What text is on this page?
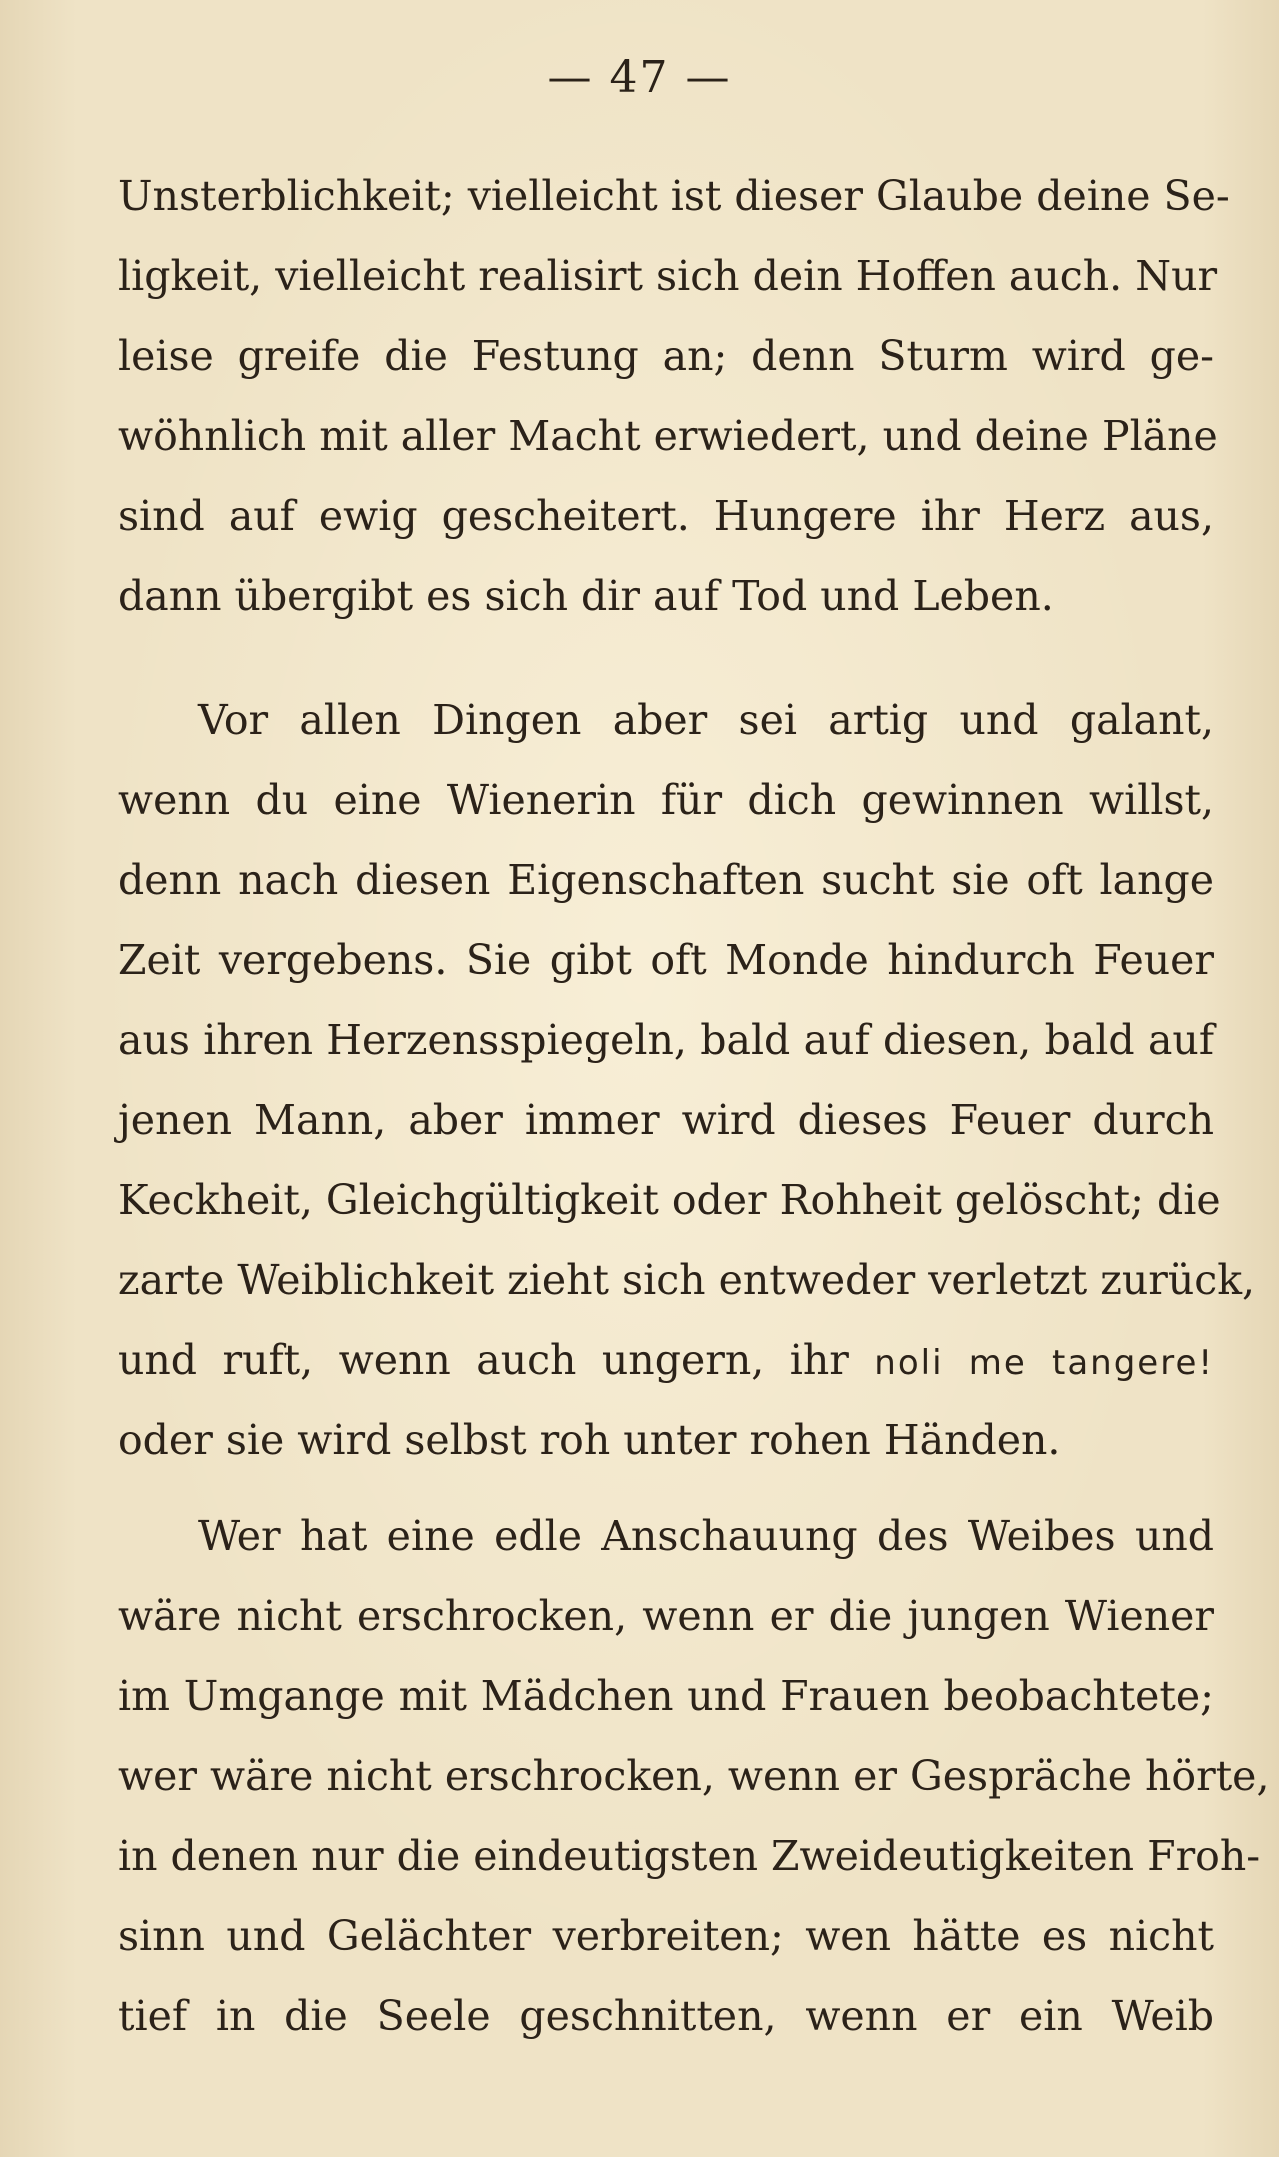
— 47 —
Unsterblichkeit; vielleicht ist dieser Glaube deine Se-
ligkeit, vielleicht realisirt sich dein Hoffen auch. Nur
leise greife die Festung an; denn Sturm wird ge-
wöhnlich mit aller Macht erwiedert, und deine Pläne
sind auf ewig gescheitert. Hungere ihr Herz aus,
dann übergibt es sich dir auf Tod und Leben.
Vor allen Dingen aber sei artig und galant,
wenn du eine Wienerin für dich gewinnen willst,
denn nach diesen Eigenschaften sucht sie oft lange
Zeit vergebens. Sie gibt oft Monde hindurch Feuer
aus ihren Herzensspiegeln, bald auf diesen, bald auf
jenen Mann, aber immer wird dieses Feuer durch
Keckheit, Gleichgültigkeit oder Rohheit gelöscht; die
zarte Weiblichkeit zieht sich entweder verletzt zurück,
und ruft, wenn auch ungern, ihr noli me tangere!
oder sie wird selbst roh unter rohen Händen.
Wer hat eine edle Anschauung des Weibes und
wäre nicht erschrocken, wenn er die jungen Wiener
im Umgange mit Mädchen und Frauen beobachtete;
wer wäre nicht erschrocken, wenn er Gespräche hörte,
in denen nur die eindeutigsten Zweideutigkeiten Froh-
sinn und Gelächter verbreiten; wen hätte es nicht
tief in die Seele geschnitten, wenn er ein Weib
